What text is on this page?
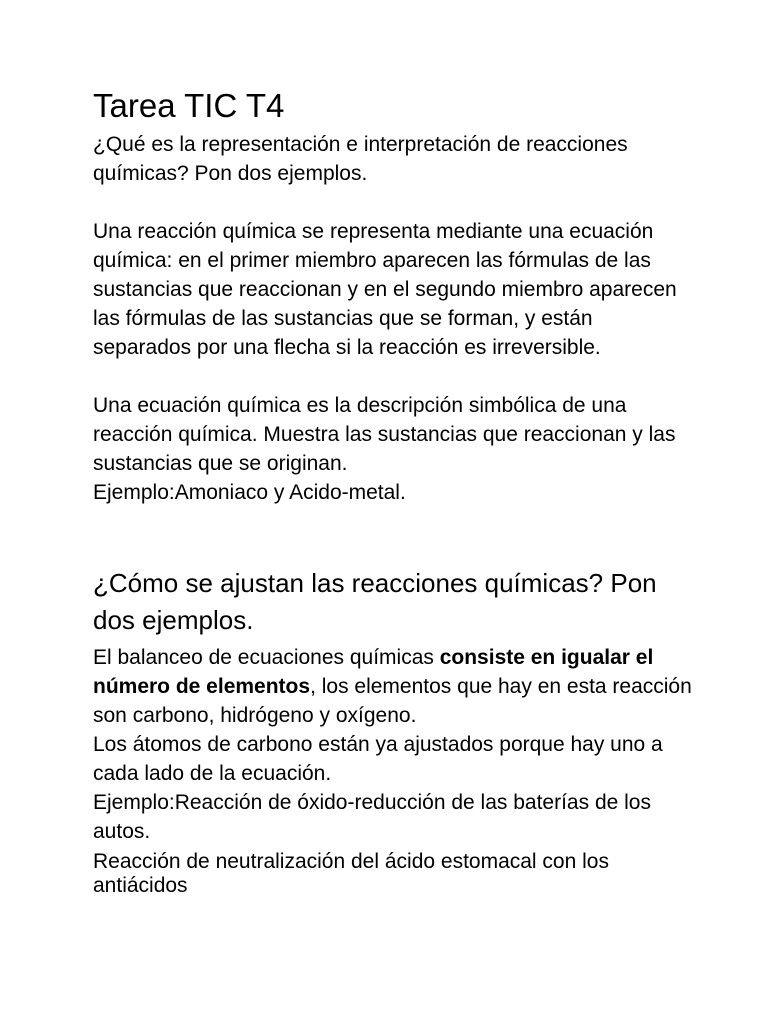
Tarea TIC T4

¿Qué es la representación e interpretación de reacciones químicas? Pon dos ejemplos.

Una reacción química se representa mediante una ecuación química: en el primer miembro aparecen las fórmulas de las sustancias que reaccionan y en el segundo miembro aparecen las fórmulas de las sustancias que se forman, y están separados por una flecha si la reacción es irreversible.

Una ecuación química es la descripción simbólica de una reacción química. Muestra las sustancias que reaccionan y las sustancias que se originan.

Ejemplo:Amoniaco y Acido-metal.

¿Cómo se ajustan las reacciones químicas? Pon dos ejemplos.

El balanceo de ecuaciones químicas consiste en igualar el número de elementos, los elementos que hay en esta reacción son carbono, hidrógeno y oxígeno.

Los átomos de carbono están ya ajustados porque hay uno a cada lado de la ecuación.

Ejemplo:Reacción de óxido-reducción de las baterías de los autos.

Reacción de neutralización del ácido estomacal con los antiácidos
